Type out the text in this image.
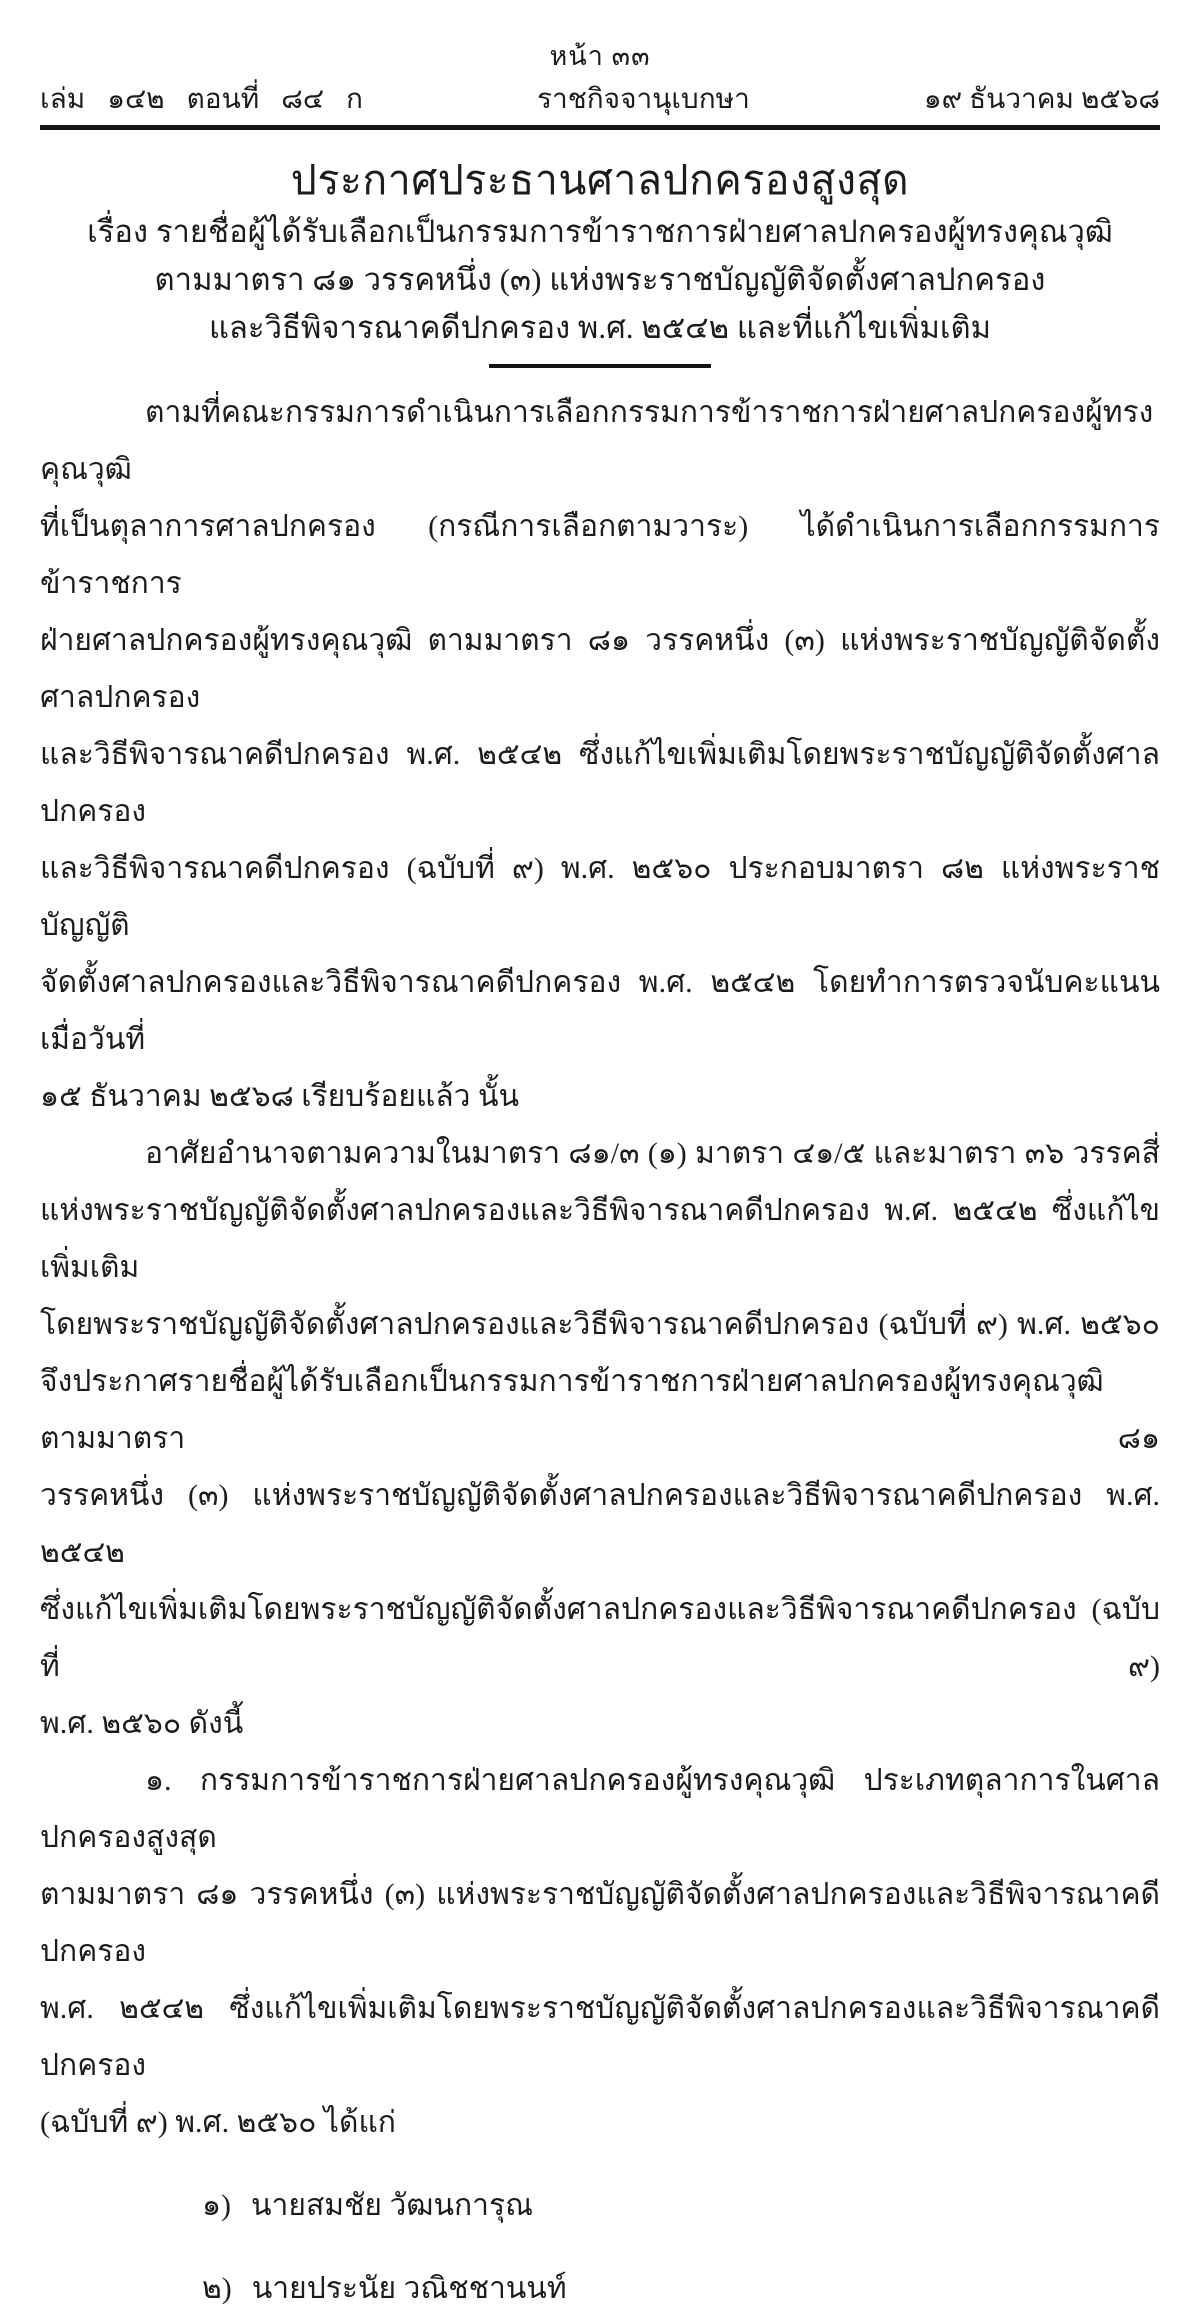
หน้า ๓๓
เล่ม ๑๔๒ ตอนที่ ๘๔ ก	ราชกิจจานุเบกษา	๑๙ ธันวาคม ๒๕๖๘
ประกาศประธานศาลปกครองสูงสุด
เรื่อง รายชื่อผู้ได้รับเลือกเป็นกรรมการข้าราชการฝ่ายศาลปกครองผู้ทรงคุณวุฒิ
ตามมาตรา ๘๑ วรรคหนึ่ง (๓) แห่งพระราชบัญญัติจัดตั้งศาลปกครอง
และวิธีพิจารณาคดีปกครอง พ.ศ. ๒๕๔๒ และที่แก้ไขเพิ่มเติม
ตามที่คณะกรรมการดำเนินการเลือกกรรมการข้าราชการฝ่ายศาลปกครองผู้ทรงคุณวุฒิ
ที่เป็นตุลาการศาลปกครอง (กรณีการเลือกตามวาระ) ได้ดำเนินการเลือกกรรมการข้าราชการ
ฝ่ายศาลปกครองผู้ทรงคุณวุฒิ ตามมาตรา ๘๑ วรรคหนึ่ง (๓) แห่งพระราชบัญญัติจัดตั้งศาลปกครอง
และวิธีพิจารณาคดีปกครอง พ.ศ. ๒๕๔๒ ซึ่งแก้ไขเพิ่มเติมโดยพระราชบัญญัติจัดตั้งศาลปกครอง
และวิธีพิจารณาคดีปกครอง (ฉบับที่ ๙) พ.ศ. ๒๕๖๐ ประกอบมาตรา ๘๒ แห่งพระราชบัญญัติ
จัดตั้งศาลปกครองและวิธีพิจารณาคดีปกครอง พ.ศ. ๒๕๔๒ โดยทำการตรวจนับคะแนน เมื่อวันที่
๑๕ ธันวาคม ๒๕๖๘ เรียบร้อยแล้ว นั้น
อาศัยอำนาจตามความในมาตรา ๘๑/๓ (๑) มาตรา ๔๑/๕ และมาตรา ๓๖ วรรคสี่
แห่งพระราชบัญญัติจัดตั้งศาลปกครองและวิธีพิจารณาคดีปกครอง พ.ศ. ๒๕๔๒ ซึ่งแก้ไขเพิ่มเติม
โดยพระราชบัญญัติจัดตั้งศาลปกครองและวิธีพิจารณาคดีปกครอง (ฉบับที่ ๙) พ.ศ. ๒๕๖๐
จึงประกาศรายชื่อผู้ได้รับเลือกเป็นกรรมการข้าราชการฝ่ายศาลปกครองผู้ทรงคุณวุฒิ ตามมาตรา ๘๑
วรรคหนึ่ง (๓) แห่งพระราชบัญญัติจัดตั้งศาลปกครองและวิธีพิจารณาคดีปกครอง พ.ศ. ๒๕๔๒
ซึ่งแก้ไขเพิ่มเติมโดยพระราชบัญญัติจัดตั้งศาลปกครองและวิธีพิจารณาคดีปกครอง (ฉบับที่ ๙)
พ.ศ. ๒๕๖๐ ดังนี้
๑. กรรมการข้าราชการฝ่ายศาลปกครองผู้ทรงคุณวุฒิ ประเภทตุลาการในศาลปกครองสูงสุด
ตามมาตรา ๘๑ วรรคหนึ่ง (๓) แห่งพระราชบัญญัติจัดตั้งศาลปกครองและวิธีพิจารณาคดีปกครอง
พ.ศ. ๒๕๔๒ ซึ่งแก้ไขเพิ่มเติมโดยพระราชบัญญัติจัดตั้งศาลปกครองและวิธีพิจารณาคดีปกครอง
(ฉบับที่ ๙) พ.ศ. ๒๕๖๐ ได้แก่
๑) นายสมชัย วัฒนการุณ
๒) นายประนัย วณิชชานนท์
